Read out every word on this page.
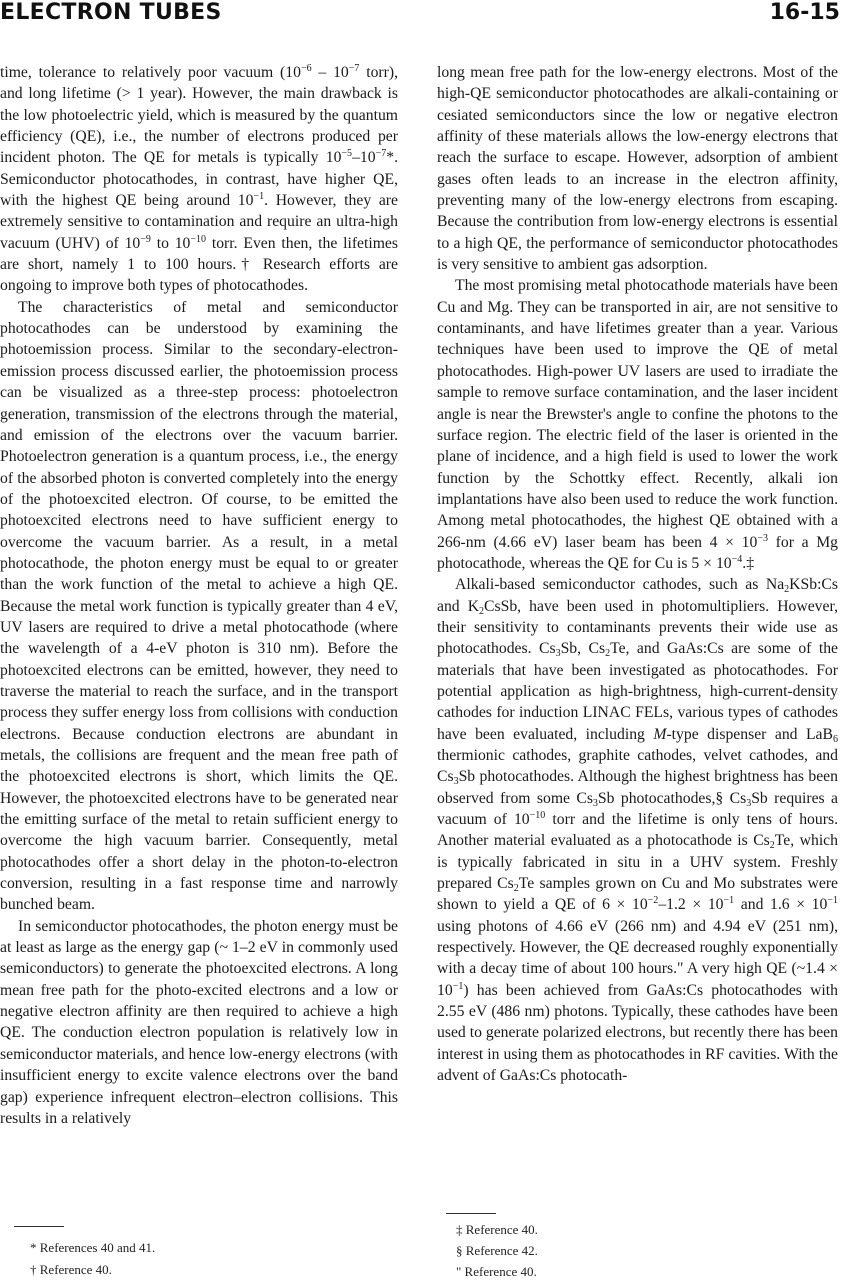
ELECTRON TUBES	16-15

time, tolerance to relatively poor vacuum ($10^{-6} - 10^{-7}$ torr), and long lifetime (> 1 year). However, the main drawback is the low photoelectric yield, which is measured by the quantum efficiency (QE), i.e., the number of electrons produced per incident photon. The QE for metals is typically $10^{-5}-10^{-7}*$. Semiconductor photocathodes, in contrast, have higher QE, with the highest QE being around $10^{-1}$. However, they are extremely sensitive to contamination and require an ultra-high vacuum (UHV) of $10^{-9}$ to $10^{-10}$ torr. Even then, the lifetimes are short, namely 1 to 100 hours.† Research efforts are ongoing to improve both types of photocathodes.

The characteristics of metal and semiconductor photocathodes can be understood by examining the photoemission process. Similar to the secondary-electron-emission process discussed earlier, the photoemission process can be visualized as a three-step process: photoelectron generation, transmission of the electrons through the material, and emission of the electrons over the vacuum barrier. Photoelectron generation is a quantum process, i.e., the energy of the absorbed photon is converted completely into the energy of the photoexcited electron. Of course, to be emitted the photoexcited electrons need to have sufficient energy to overcome the vacuum barrier. As a result, in a metal photocathode, the photon energy must be equal to or greater than the work function of the metal to achieve a high QE. Because the metal work function is typically greater than 4 eV, UV lasers are required to drive a metal photocathode (where the wavelength of a 4-eV photon is 310 nm). Before the photoexcited electrons can be emitted, however, they need to traverse the material to reach the surface, and in the transport process they suffer energy loss from collisions with conduction electrons. Because conduction electrons are abundant in metals, the collisions are frequent and the mean free path of the photoexcited electrons is short, which limits the QE. However, the photoexcited electrons have to be generated near the emitting surface of the metal to retain sufficient energy to overcome the high vacuum barrier. Consequently, metal photocathodes offer a short delay in the photon-to-electron conversion, resulting in a fast response time and narrowly bunched beam.

In semiconductor photocathodes, the photon energy must be at least as large as the energy gap (~ 1–2 eV in commonly used semiconductors) to generate the photoexcited electrons. A long mean free path for the photo-excited electrons and a low or negative electron affinity are then required to achieve a high QE. The conduction electron population is relatively low in semiconductor materials, and hence low-energy electrons (with insufficient energy to excite valence electrons over the band gap) experience infrequent electron–electron collisions. This results in a relatively

long mean free path for the low-energy electrons. Most of the high-QE semiconductor photocathodes are alkali-containing or cesiated semiconductors since the low or negative electron affinity of these materials allows the low-energy electrons that reach the surface to escape. However, adsorption of ambient gases often leads to an increase in the electron affinity, preventing many of the low-energy electrons from escaping. Because the contribution from low-energy electrons is essential to a high QE, the performance of semiconductor photocathodes is very sensitive to ambient gas adsorption.

The most promising metal photocathode materials have been Cu and Mg. They can be transported in air, are not sensitive to contaminants, and have lifetimes greater than a year. Various techniques have been used to improve the QE of metal photocathodes. High-power UV lasers are used to irradiate the sample to remove surface contamination, and the laser incident angle is near the Brewster's angle to confine the photons to the surface region. The electric field of the laser is oriented in the plane of incidence, and a high field is used to lower the work function by the Schottky effect. Recently, alkali ion implantations have also been used to reduce the work function. Among metal photocathodes, the highest QE obtained with a 266-nm (4.66 eV) laser beam has been $4 \times 10^{-3}$ for a Mg photocathode, whereas the QE for Cu is $5 \times 10^{-4}.\ddagger$

Alkali-based semiconductor cathodes, such as $Na_2KSb:Cs$ and $K_2CsSb$, have been used in photomultipliers. However, their sensitivity to contaminants prevents their wide use as photocathodes. $Cs_3Sb$, $Cs_2Te$, and GaAs:Cs are some of the materials that have been investigated as photocathodes. For potential application as high-brightness, high-current-density cathodes for induction LINAC FELs, various types of cathodes have been evaluated, including M-type dispenser and LaB$_6$ thermionic cathodes, graphite cathodes, velvet cathodes, and $Cs_3Sb$ photocathodes. Although the highest brightness has been observed from some $Cs_3Sb$ photocathodes,§ $Cs_3Sb$ requires a vacuum of $10^{-10}$ torr and the lifetime is only tens of hours. Another material evaluated as a photocathode is $Cs_2Te$, which is typically fabricated in situ in a UHV system. Freshly prepared $Cs_2Te$ samples grown on Cu and Mo substrates were shown to yield a QE of $6 \times 10^{-2}-1.2 \times 10^{-1}$ and $1.6 \times 10^{-1}$ using photons of 4.66 eV (266 nm) and 4.94 eV (251 nm), respectively. However, the QE decreased roughly exponentially with a decay time of about 100 hours." A very high QE (~1.4 × $10^{-1}$) has been achieved from GaAs:Cs photocathodes with 2.55 eV (486 nm) photons. Typically, these cathodes have been used to generate polarized electrons, but recently there has been interest in using them as photocathodes in RF cavities. With the advent of GaAs:Cs photocath-

* References 40 and 41.
† Reference 40.
‡ Reference 40.
§ Reference 42.
" Reference 40.
